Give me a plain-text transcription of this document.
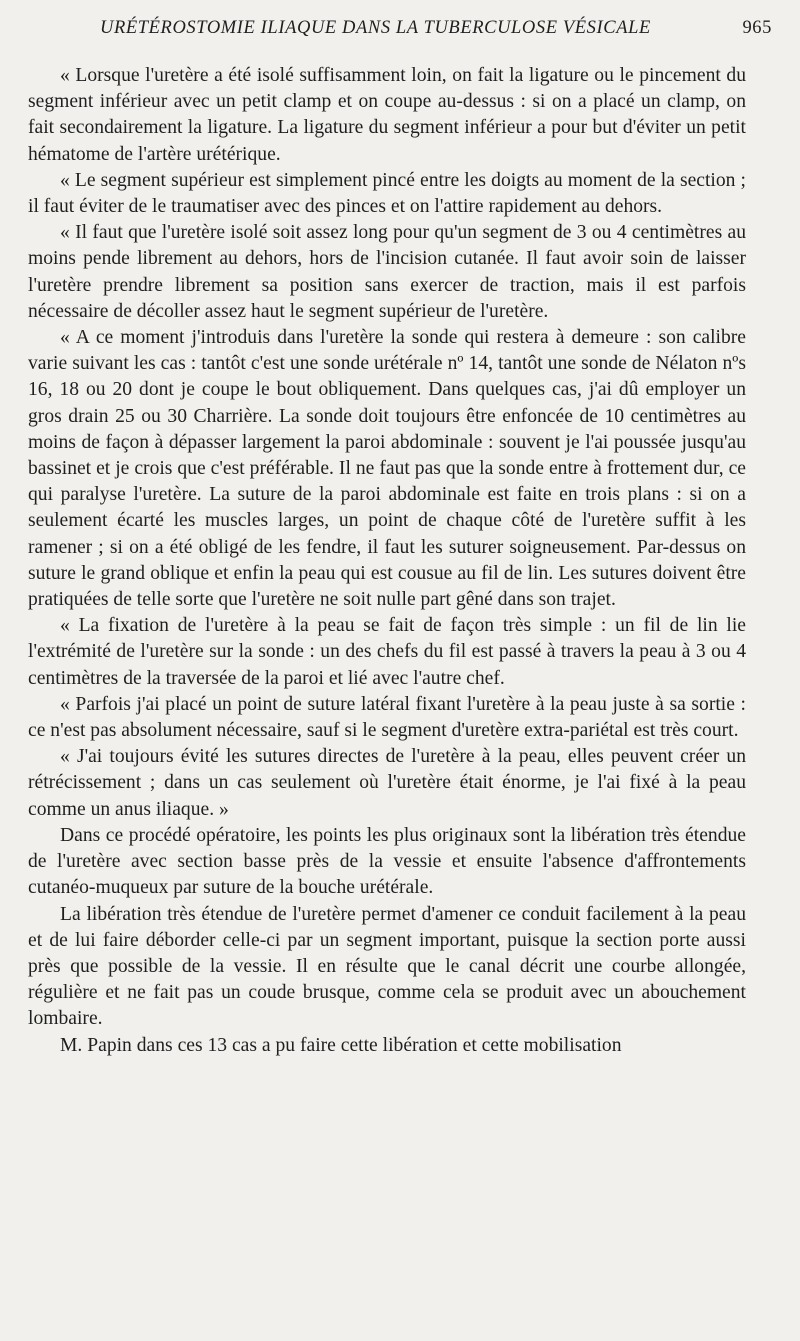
URÉTÉROSTOMIE ILIAQUE DANS LA TUBERCULOSE VÉSICALE	965

« Lorsque l'uretère a été isolé suffisamment loin, on fait la ligature ou le pincement du segment inférieur avec un petit clamp et on coupe au-dessus : si on a placé un clamp, on fait secondairement la ligature. La ligature du segment inférieur a pour but d'éviter un petit hématome de l'artère urétérique.

« Le segment supérieur est simplement pincé entre les doigts au moment de la section ; il faut éviter de le traumatiser avec des pinces et on l'attire rapidement au dehors.

« Il faut que l'uretère isolé soit assez long pour qu'un segment de 3 ou 4 centimètres au moins pende librement au dehors, hors de l'incision cutanée. Il faut avoir soin de laisser l'uretère prendre librement sa position sans exercer de traction, mais il est parfois nécessaire de décoller assez haut le segment supérieur de l'uretère.

« A ce moment j'introduis dans l'uretère la sonde qui restera à demeure : son calibre varie suivant les cas : tantôt c'est une sonde urétérale nº 14, tantôt une sonde de Nélaton nºs 16, 18 ou 20 dont je coupe le bout obliquement. Dans quelques cas, j'ai dû employer un gros drain 25 ou 30 Charrière. La sonde doit toujours être enfoncée de 10 centimètres au moins de façon à dépasser largement la paroi abdominale : souvent je l'ai poussée jusqu'au bassinet et je crois que c'est préférable. Il ne faut pas que la sonde entre à frottement dur, ce qui paralyse l'uretère. La suture de la paroi abdominale est faite en trois plans : si on a seulement écarté les muscles larges, un point de chaque côté de l'uretère suffit à les ramener ; si on a été obligé de les fendre, il faut les suturer soigneusement. Par-dessus on suture le grand oblique et enfin la peau qui est cousue au fil de lin. Les sutures doivent être pratiquées de telle sorte que l'uretère ne soit nulle part gêné dans son trajet.

« La fixation de l'uretère à la peau se fait de façon très simple : un fil de lin lie l'extrémité de l'uretère sur la sonde : un des chefs du fil est passé à travers la peau à 3 ou 4 centimètres de la traversée de la paroi et lié avec l'autre chef.

« Parfois j'ai placé un point de suture latéral fixant l'uretère à la peau juste à sa sortie : ce n'est pas absolument nécessaire, sauf si le segment d'uretère extra-pariétal est très court.

« J'ai toujours évité les sutures directes de l'uretère à la peau, elles peuvent créer un rétrécissement ; dans un cas seulement où l'uretère était énorme, je l'ai fixé à la peau comme un anus iliaque. »

Dans ce procédé opératoire, les points les plus originaux sont la libération très étendue de l'uretère avec section basse près de la vessie et ensuite l'absence d'affrontements cutanéo-muqueux par suture de la bouche urétérale.

La libération très étendue de l'uretère permet d'amener ce conduit facilement à la peau et de lui faire déborder celle-ci par un segment important, puisque la section porte aussi près que possible de la vessie. Il en résulte que le canal décrit une courbe allongée, régulière et ne fait pas un coude brusque, comme cela se produit avec un abouchement lombaire.

M. Papin dans ces 13 cas a pu faire cette libération et cette mobilisation
